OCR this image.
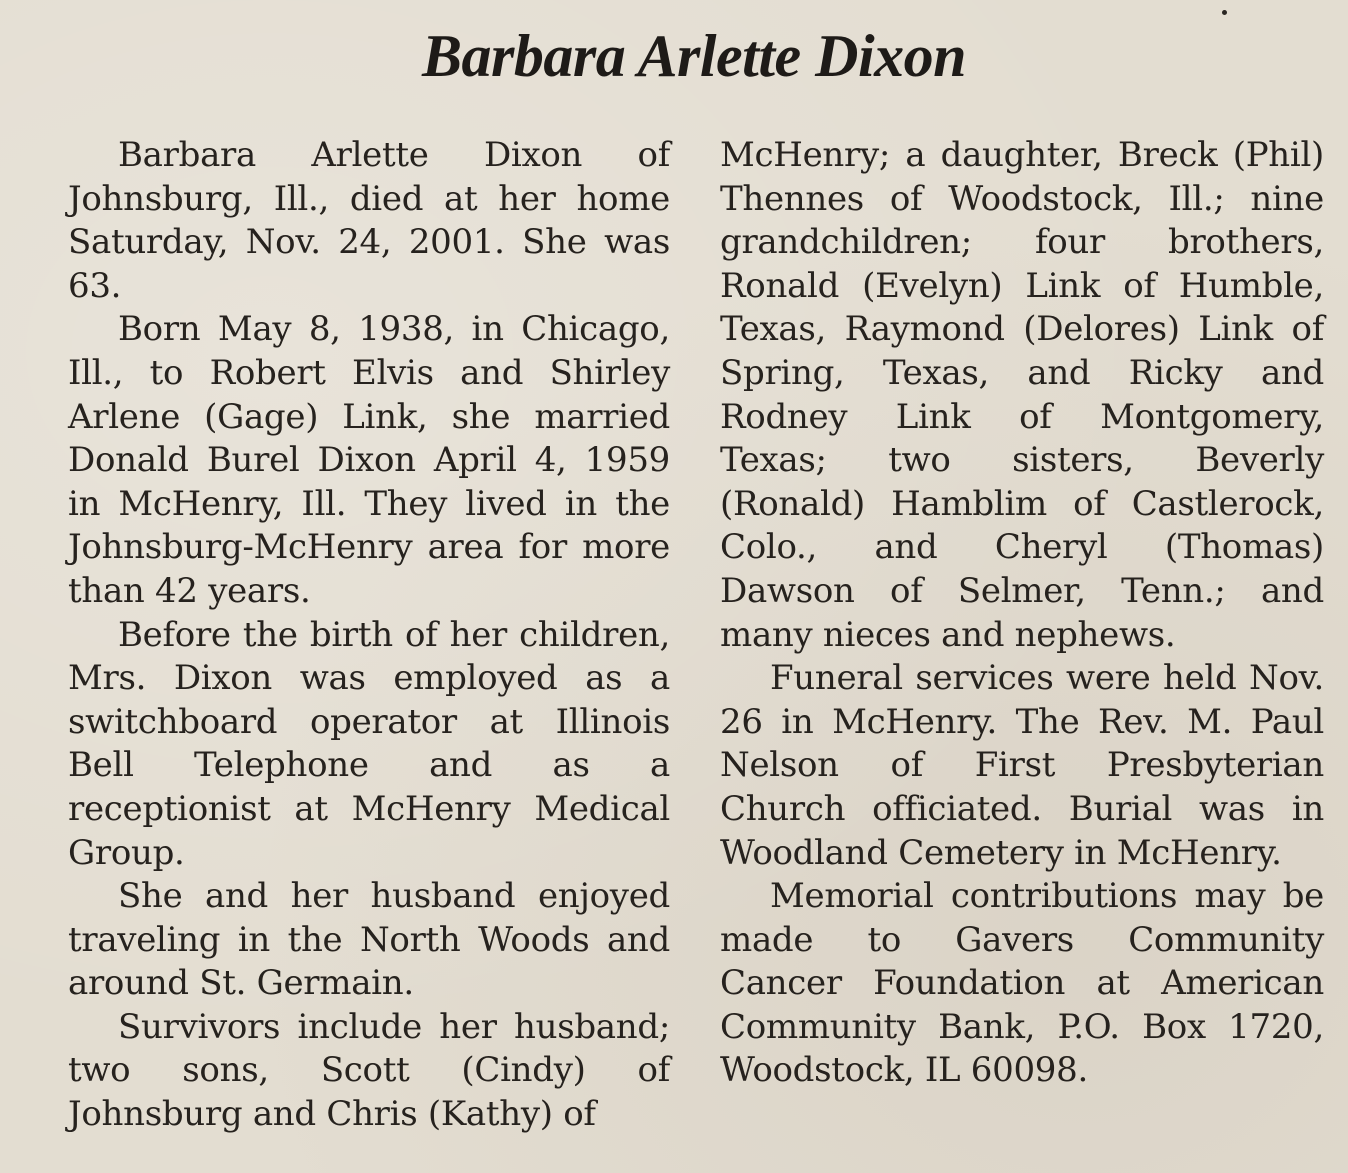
Barbara Arlette Dixon

Barbara Arlette Dixon of Johnsburg, Ill., died at her home Saturday, Nov. 24, 2001. She was 63.

Born May 8, 1938, in Chicago, Ill., to Robert Elvis and Shirley Arlene (Gage) Link, she married Donald Burel Dixon April 4, 1959 in McHenry, Ill. They lived in the Johnsburg-McHenry area for more than 42 years.

Before the birth of her children, Mrs. Dixon was employed as a switchboard operator at Illinois Bell Telephone and as a receptionist at McHenry Medical Group.

She and her husband enjoyed traveling in the North Woods and around St. Germain.

Survivors include her husband; two sons, Scott (Cindy) of Johnsburg and Chris (Kathy) of

McHenry; a daughter, Breck (Phil) Thennes of Woodstock, Ill.; nine grandchildren; four brothers, Ronald (Evelyn) Link of Humble, Texas, Raymond (Delores) Link of Spring, Texas, and Ricky and Rodney Link of Montgomery, Texas; two sisters, Beverly (Ronald) Hamblim of Castlerock, Colo., and Cheryl (Thomas) Dawson of Selmer, Tenn.; and many nieces and nephews.

Funeral services were held Nov. 26 in McHenry. The Rev. M. Paul Nelson of First Presbyterian Church officiated. Burial was in Woodland Cemetery in McHenry.

Memorial contributions may be made to Gavers Community Cancer Foundation at American Community Bank, P.O. Box 1720, Woodstock, IL 60098.
